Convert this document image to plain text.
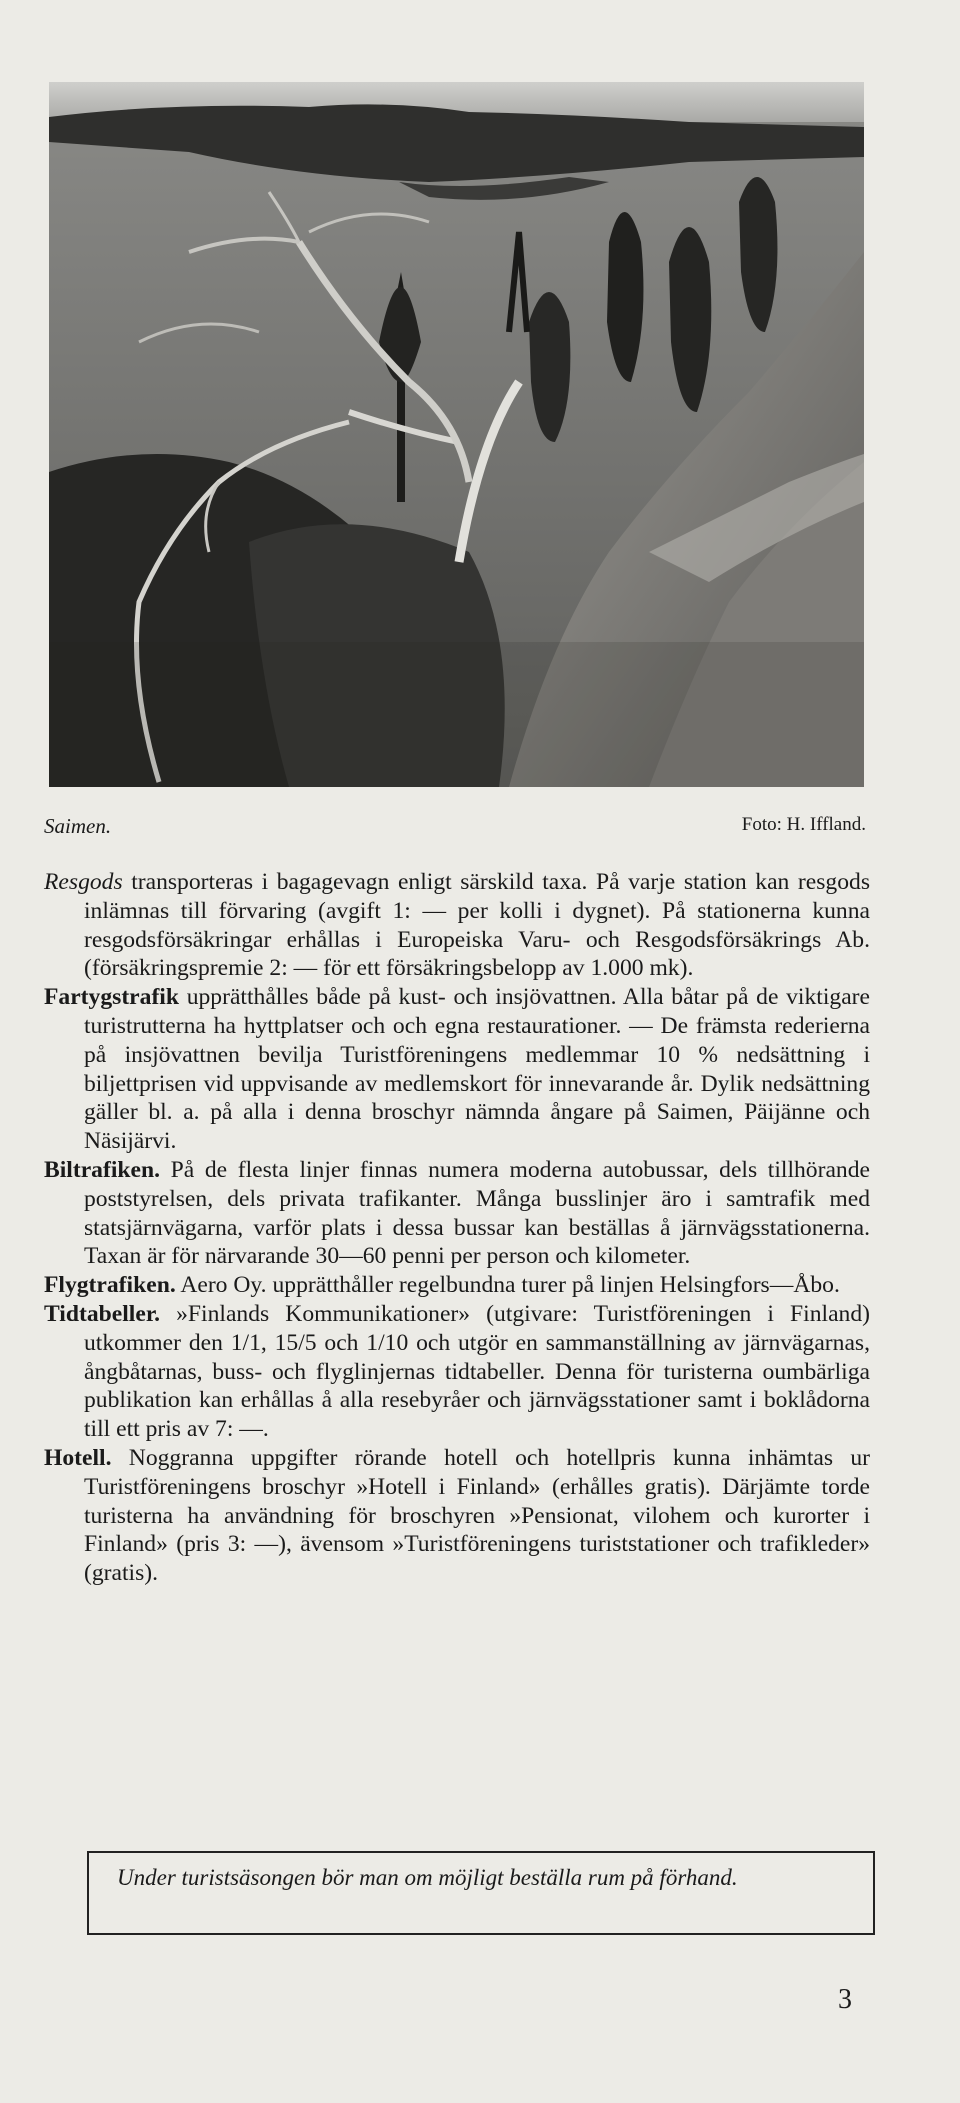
Saimen.	Foto: H. Iffland.

Resgods transporteras i bagagevagn enligt särskild taxa. På varje station kan resgods inlämnas till förvaring (avgift 1: — per kolli i dygnet). På stationerna kunna resgodsförsäkringar erhållas i Europeiska Varu- och Resgodsförsäkrings Ab. (försäkringspremie 2: — för ett försäkringsbelopp av 1.000 mk).

Fartygstrafik upprätthålles både på kust- och insjövattnen. Alla båtar på de viktigare turistrutterna ha hyttplatser och och egna restaurationer. — De främsta rederierna på insjövattnen bevilja Turistföreningens medlemmar 10 % nedsättning i biljettprisen vid uppvisande av medlemskort för innevarande år. Dylik nedsättning gäller bl. a. på alla i denna broschyr nämnda ångare på Saimen, Päijänne och Näsijärvi.

Biltrafiken. På de flesta linjer finnas numera moderna autobussar, dels tillhörande poststyrelsen, dels privata trafikanter. Många busslinjer äro i samtrafik med statsjärnvägarna, varför plats i dessa bussar kan beställas å järnvägsstationerna. Taxan är för närvarande 30—60 penni per person och kilometer.

Flygtrafiken. Aero Oy. upprätthåller regelbundna turer på linjen Helsingfors—Åbo.

Tidtabeller. »Finlands Kommunikationer» (utgivare: Turistföreningen i Finland) utkommer den 1/1, 15/5 och 1/10 och utgör en sammanställning av järnvägarnas, ångbåtarnas, buss- och flyglinjernas tidtabeller. Denna för turisterna oumbärliga publikation kan erhållas å alla resebyråer och järnvägsstationer samt i boklådorna till ett pris av 7: —.

Hotell. Noggranna uppgifter rörande hotell och hotellpris kunna inhämtas ur Turistföreningens broschyr »Hotell i Finland» (erhålles gratis). Därjämte torde turisterna ha användning för broschyren »Pensionat, vilohem och kurorter i Finland» (pris 3: —), ävensom »Turistföreningens turiststationer och trafikleder» (gratis).

Under turistsäsongen bör man om möjligt beställa rum på förhand.
3
